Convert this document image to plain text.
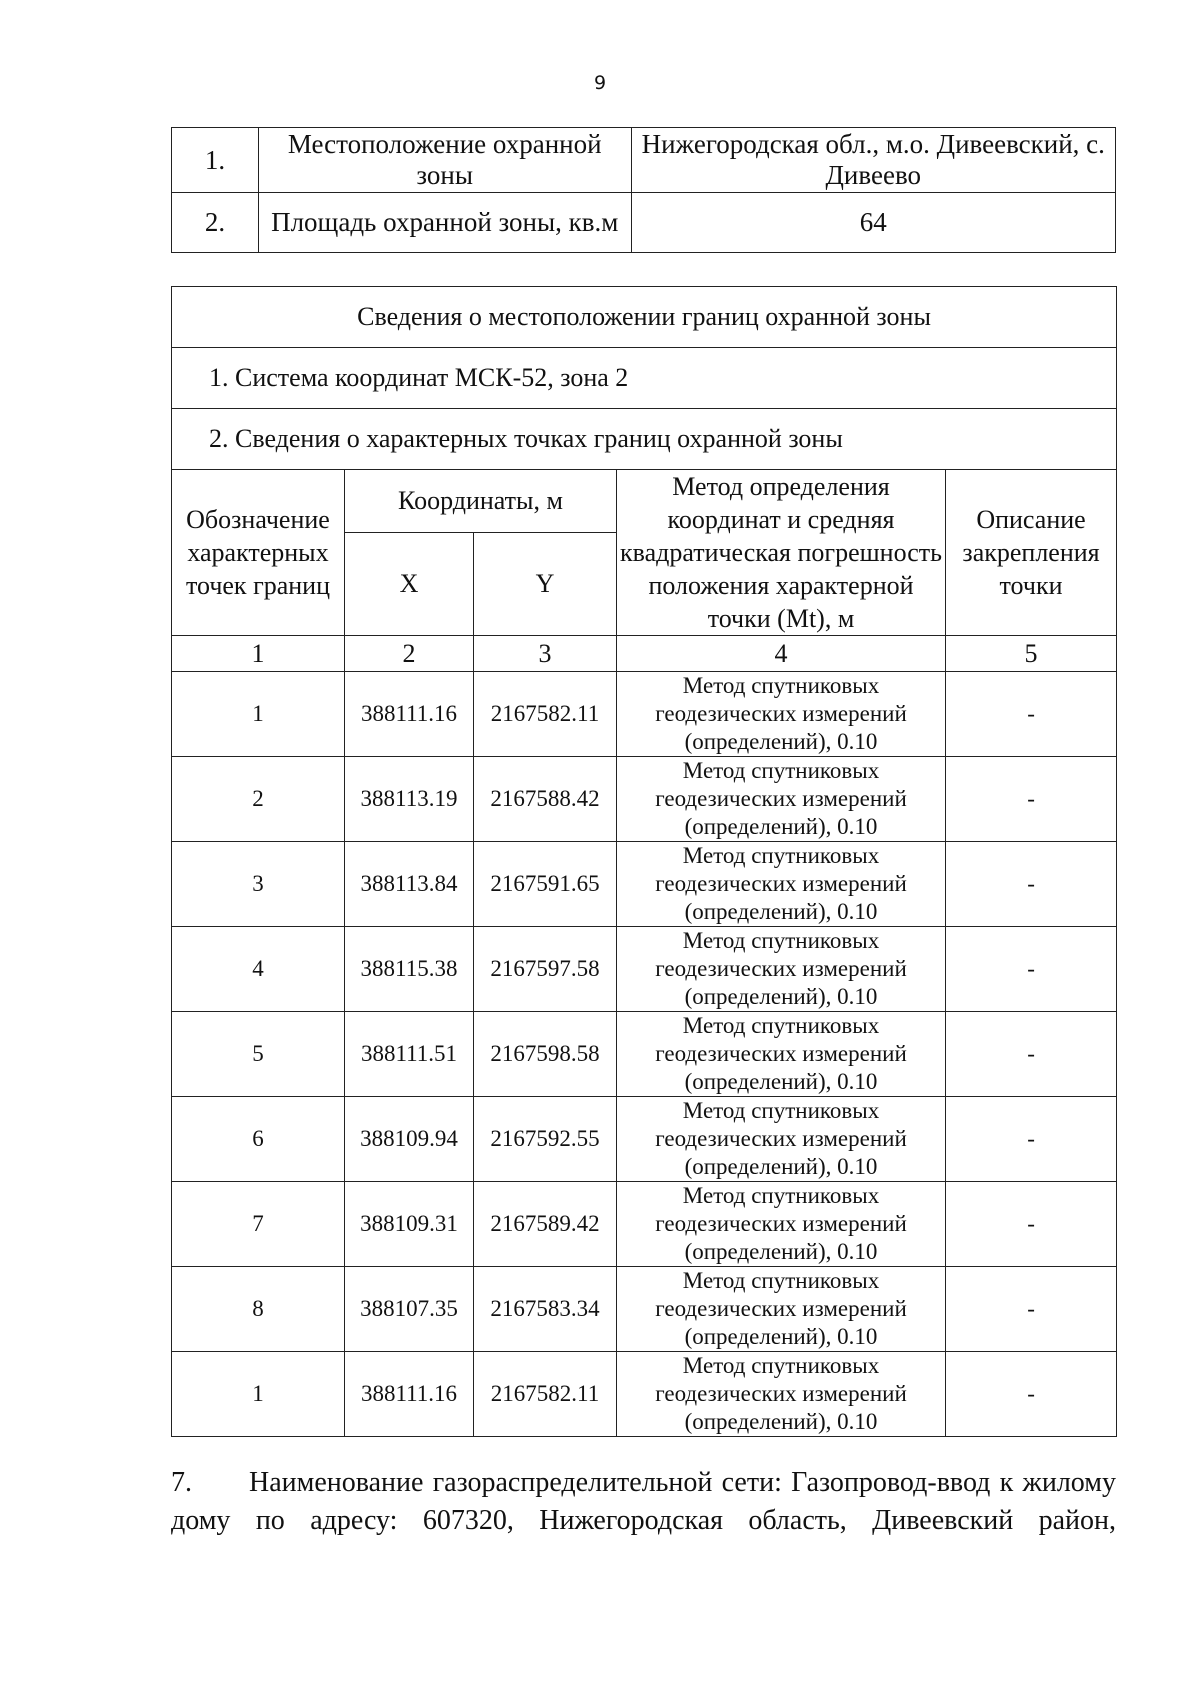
9
1.	Местоположение охранной зоны	Нижегородская обл., м.о. Дивеевский, с. Дивеево
2.	Площадь охранной зоны, кв.м	64
Сведения о местоположении границ охранной зоны				
1. Система координат МСК-52, зона 2				
2. Сведения о характерных точках границ охранной зоны				
Обозначение характерных точек границ	Координаты, м		Метод определения координат и средняя квадратическая погрешность положения характерной точки (Mt), м	Описание закрепления точки
	X	Y		
1	2	3	4	5
1	388111.16	2167582.11	Метод спутниковых геодезических измерений (определений), 0.10	-
2	388113.19	2167588.42	Метод спутниковых геодезических измерений (определений), 0.10	-
3	388113.84	2167591.65	Метод спутниковых геодезических измерений (определений), 0.10	-
4	388115.38	2167597.58	Метод спутниковых геодезических измерений (определений), 0.10	-
5	388111.51	2167598.58	Метод спутниковых геодезических измерений (определений), 0.10	-
6	388109.94	2167592.55	Метод спутниковых геодезических измерений (определений), 0.10	-
7	388109.31	2167589.42	Метод спутниковых геодезических измерений (определений), 0.10	-
8	388107.35	2167583.34	Метод спутниковых геодезических измерений (определений), 0.10	-
1	388111.16	2167582.11	Метод спутниковых геодезических измерений (определений), 0.10	-
7. Наименование газораспределительной сети: Газопровод-ввод к жилому дому по адресу: 607320, Нижегородская область, Дивеевский район,
